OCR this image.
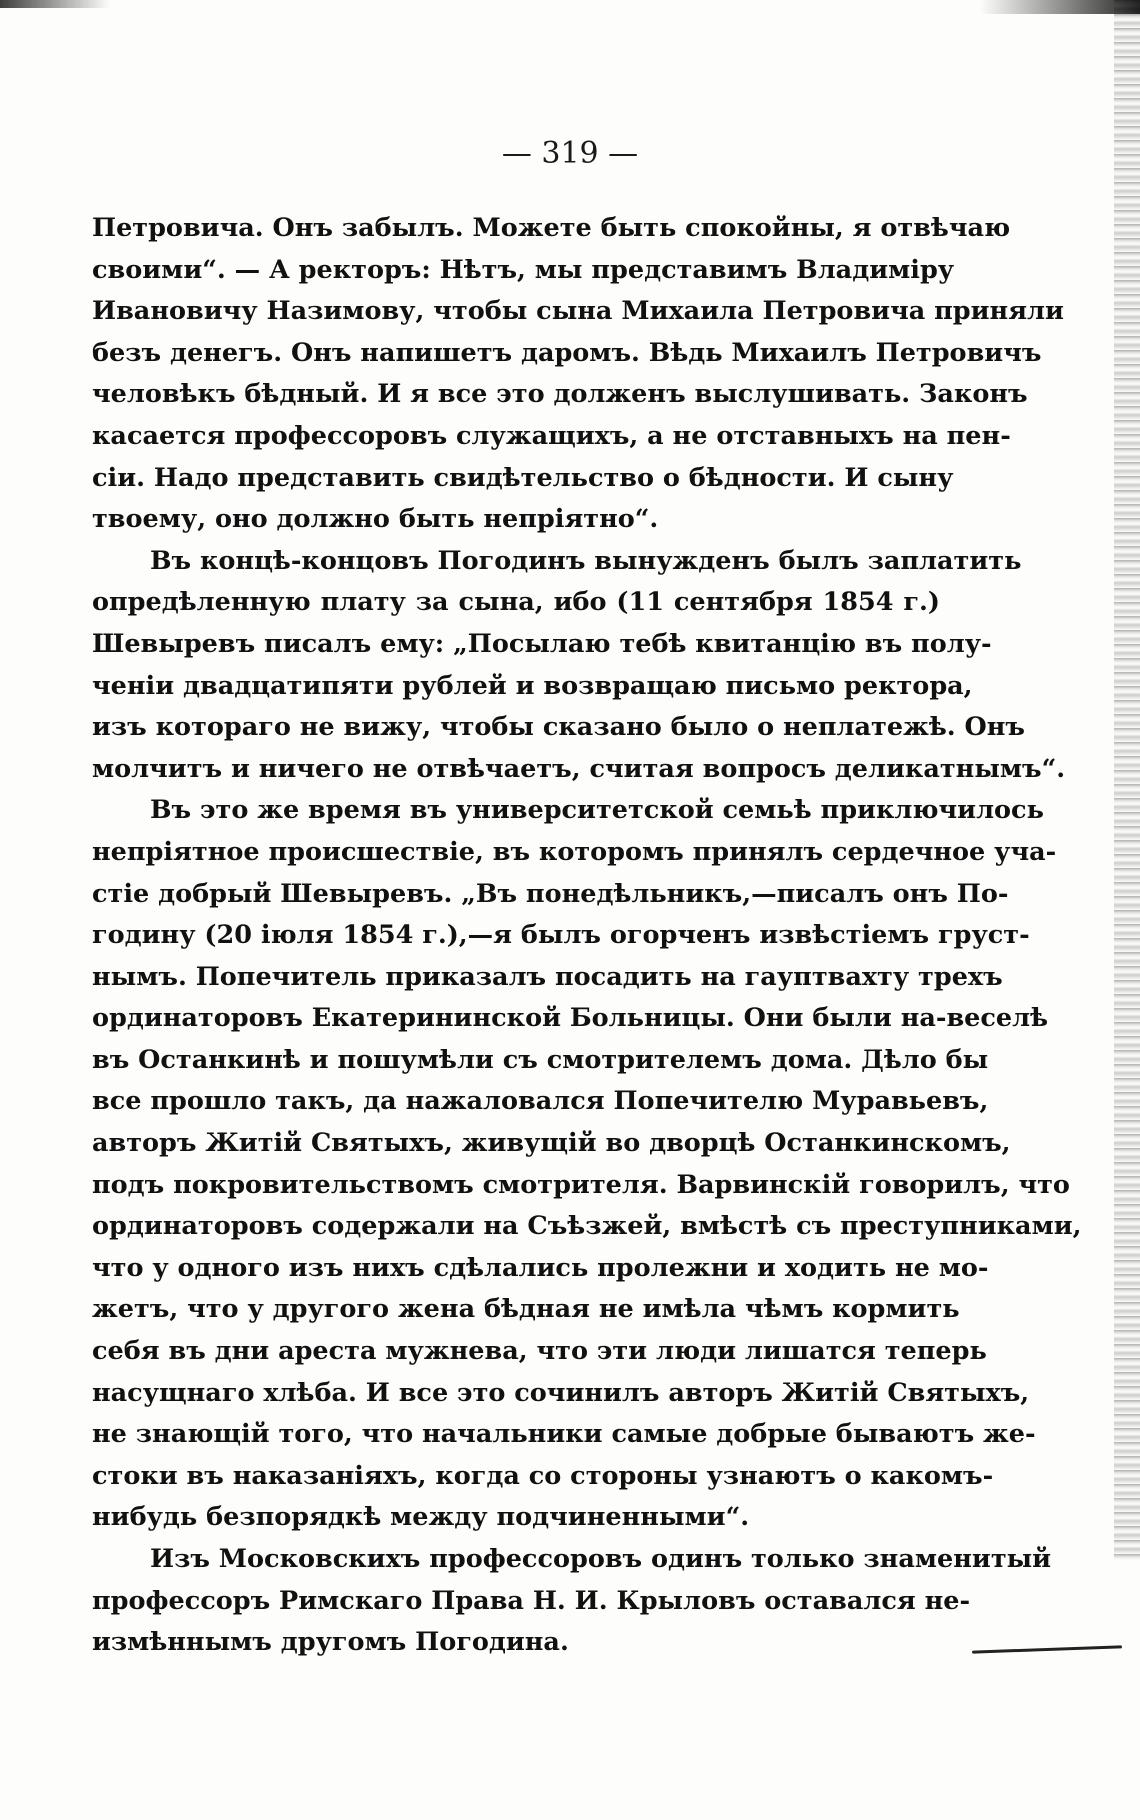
— 319 —
Петровича. Онъ забылъ. Можете быть спокойны, я отвѣчаю
своими“. — А ректоръ: Нѣтъ, мы представимъ Владиміру
Ивановичу Назимову, чтобы сына Михаила Петровича приняли
безъ денегъ. Онъ напишетъ даромъ. Вѣдь Михаилъ Петровичъ
человѣкъ бѣдный. И я все это долженъ выслушивать. Законъ
касается профессоровъ служащихъ, а не отставныхъ на пен-
сіи. Надо представить свидѣтельство о бѣдности. И сыну
твоему, оно должно быть непріятно“.
Въ концѣ-концовъ Погодинъ вынужденъ былъ заплатить
опредѣленную плату за сына, ибо (11 сентября 1854 г.)
Шевыревъ писалъ ему: „Посылаю тебѣ квитанцію въ полу-
ченіи двадцатипяти рублей и возвращаю письмо ректора,
изъ котораго не вижу, чтобы сказано было о неплатежѣ. Онъ
молчитъ и ничего не отвѣчаетъ, считая вопросъ деликатнымъ“.
Въ это же время въ университетской семьѣ приключилось
непріятное происшествіе, въ которомъ принялъ сердечное уча-
стіе добрый Шевыревъ. „Въ понедѣльникъ,—писалъ онъ По-
годину (20 іюля 1854 г.),—я былъ огорченъ извѣстіемъ груст-
нымъ. Попечитель приказалъ посадить на гауптвахту трехъ
ординаторовъ Екатерининской Больницы. Они были на-веселѣ
въ Останкинѣ и пошумѣли съ смотрителемъ дома. Дѣло бы
все прошло такъ, да нажаловался Попечителю Муравьевъ,
авторъ Житій Святыхъ, живущій во дворцѣ Останкинскомъ,
подъ покровительствомъ смотрителя. Варвинскій говорилъ, что
ординаторовъ содержали на Съѣзжей, вмѣстѣ съ преступниками,
что у одного изъ нихъ сдѣлались пролежни и ходить не мо-
жетъ, что у другого жена бѣдная не имѣла чѣмъ кормить
себя въ дни ареста мужнева, что эти люди лишатся теперь
насущнаго хлѣба. И все это сочинилъ авторъ Житій Святыхъ,
не знающій того, что начальники самые добрые бываютъ же-
стоки въ наказаніяхъ, когда со стороны узнаютъ о какомъ-
нибудь безпорядкѣ между подчиненными“.
Изъ Московскихъ профессоровъ одинъ только знаменитый
профессоръ Римскаго Права Н. И. Крыловъ оставался не-
измѣннымъ другомъ Погодина.
